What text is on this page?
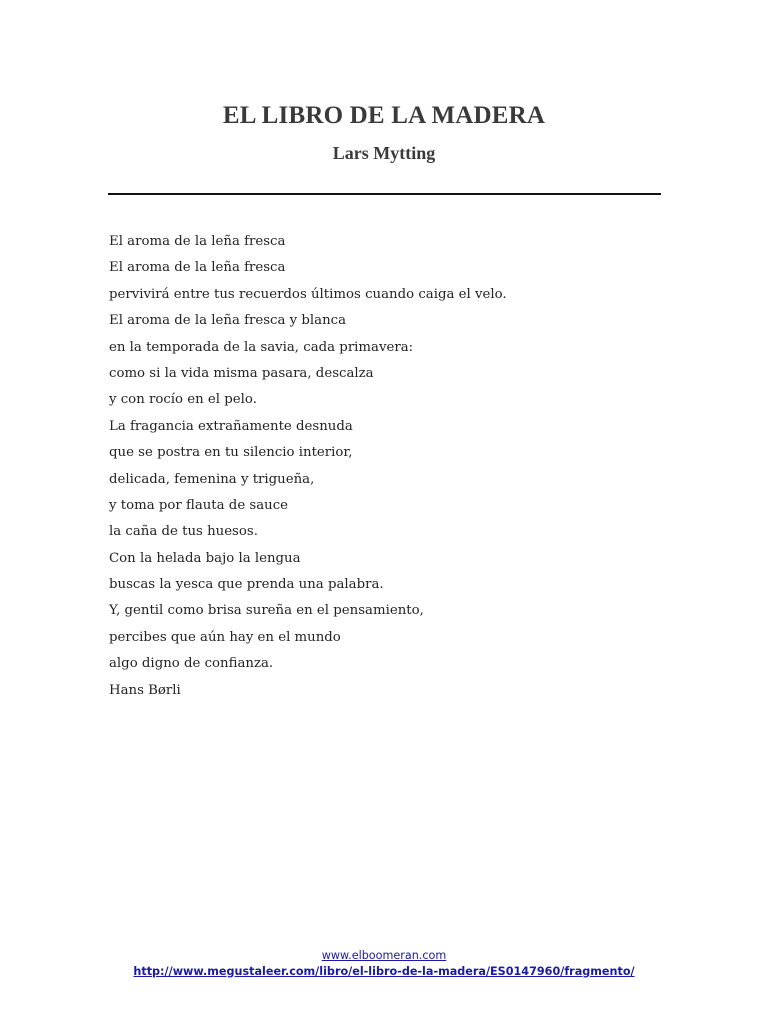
EL LIBRO DE LA MADERA
Lars Mytting
El aroma de la leña fresca
El aroma de la leña fresca
pervivirá entre tus recuerdos últimos cuando caiga el velo.
El aroma de la leña fresca y blanca
en la temporada de la savia, cada primavera:
como si la vida misma pasara, descalza
y con rocío en el pelo.
La fragancia extrañamente desnuda
que se postra en tu silencio interior,
delicada, femenina y trigueña,
y toma por flauta de sauce
la caña de tus huesos.
Con la helada bajo la lengua
buscas la yesca que prenda una palabra.
Y, gentil como brisa sureña en el pensamiento,
percibes que aún hay en el mundo
algo digno de confianza.
Hans Børli
www.elboomeran.com
http://www.megustaleer.com/libro/el-libro-de-la-madera/ES0147960/fragmento/
